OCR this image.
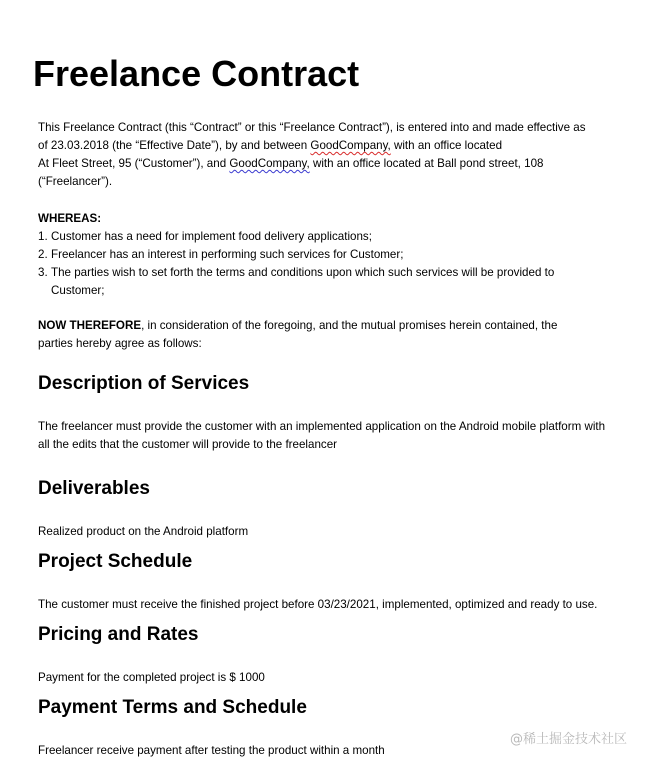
Freelance Contract
This Freelance Contract (this “Contract” or this “Freelance Contract”), is entered into and made effective as
of 23.03.2018 (the “Effective Date”), by and between GoodCompany, with an office located
At Fleet Street, 95 (“Customer”), and GoodCompany, with an office located at Ball pond street, 108
(“Freelancer”).
WHEREAS:
1. Customer has a need for implement food delivery applications;
2. Freelancer has an interest in performing such services for Customer;
3. The parties wish to set forth the terms and conditions upon which such services will be provided to Customer;
NOW THEREFORE, in consideration of the foregoing, and the mutual promises herein contained, the parties hereby agree as follows:
Description of Services
The freelancer must provide the customer with an implemented application on the Android mobile platform with all the edits that the customer will provide to the freelancer
Deliverables
Realized product on the Android platform
Project Schedule
The customer must receive the finished project before 03/23/2021, implemented, optimized and ready to use.
Pricing and Rates
Payment for the completed project is $ 1000
Payment Terms and Schedule
Freelancer receive payment after testing the product within a month
@稀土掘金技术社区
